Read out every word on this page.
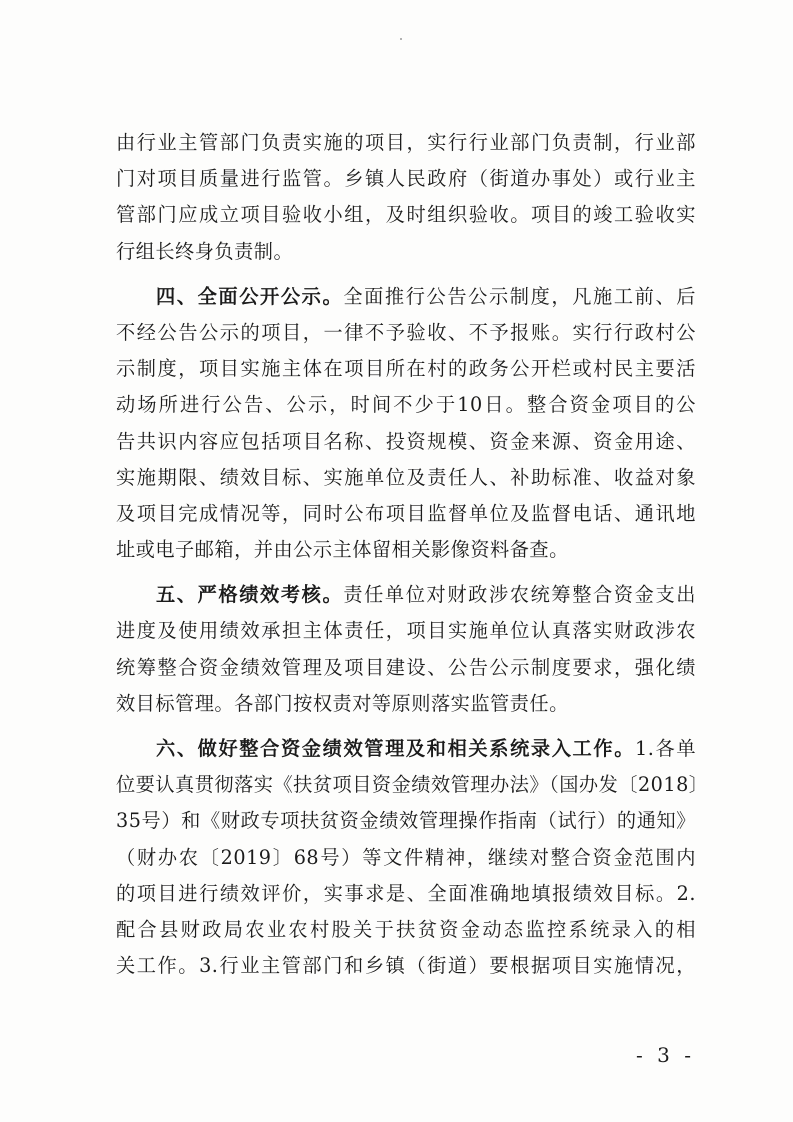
由行业主管部门负责实施的项目，实行行业部门负责制，行业部
门对项目质量进行监管。乡镇人民政府（街道办事处）或行业主
管部门应成立项目验收小组，及时组织验收。项目的竣工验收实
行组长终身负责制。
四、全面公开公示。全面推行公告公示制度，凡施工前、后
不经公告公示的项目，一律不予验收、不予报账。实行行政村公
示制度，项目实施主体在项目所在村的政务公开栏或村民主要活
动场所进行公告、公示，时间不少于10日。整合资金项目的公
告共识内容应包括项目名称、投资规模、资金来源、资金用途、
实施期限、绩效目标、实施单位及责任人、补助标准、收益对象
及项目完成情况等，同时公布项目监督单位及监督电话、通讯地
址或电子邮箱，并由公示主体留相关影像资料备查。
五、严格绩效考核。责任单位对财政涉农统筹整合资金支出
进度及使用绩效承担主体责任，项目实施单位认真落实财政涉农
统筹整合资金绩效管理及项目建设、公告公示制度要求，强化绩
效目标管理。各部门按权责对等原则落实监管责任。
六、做好整合资金绩效管理及和相关系统录入工作。1.各单
位要认真贯彻落实《扶贫项目资金绩效管理办法》（国办发〔2018〕
35号）和《财政专项扶贫资金绩效管理操作指南（试行）的通知》
（财办农〔2019〕68号）等文件精神，继续对整合资金范围内
的项目进行绩效评价，实事求是、全面准确地填报绩效目标。2.
配合县财政局农业农村股关于扶贫资金动态监控系统录入的相
关工作。3.行业主管部门和乡镇（街道）要根据项目实施情况，
- 3 -
